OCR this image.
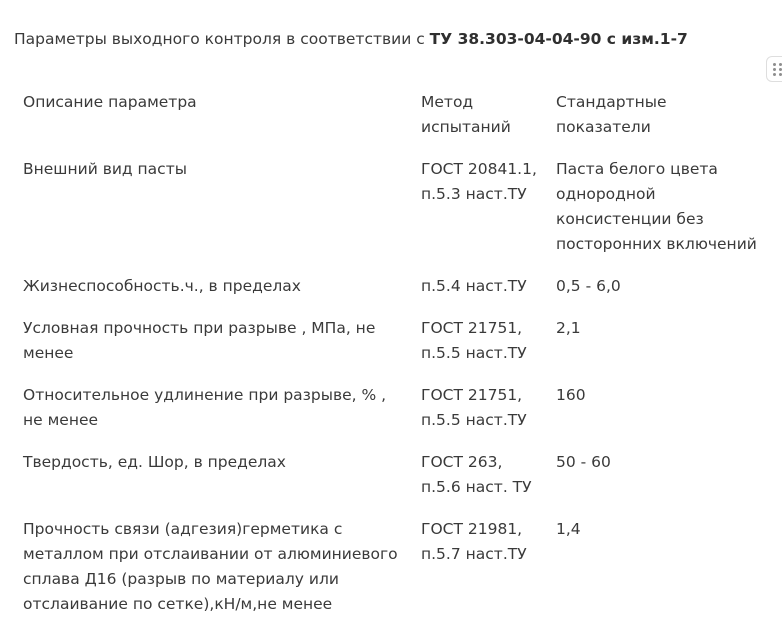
Параметры выходного контроля в соответствии с ТУ 38.303-04-04-90 с изм.1-7
Описание параметра	Метод испытаний	Стандартные показатели

Внешний вид пасты	ГОСТ 20841.1, п.5.3 наст.ТУ	Паста белого цвета однородной консистенции без посторонних включений

Жизнеспособность.ч., в пределах	п.5.4 наст.ТУ	0,5 - 6,0

Условная прочность при разрыве , МПа, не менее	ГОСТ 21751, п.5.5 наст.ТУ	2,1

Относительное удлинение при разрыве, % , не менее	ГОСТ 21751, п.5.5 наст.ТУ	160

Твердость, ед. Шор, в пределах	ГОСТ 263, п.5.6 наст. ТУ	50 - 60

Прочность связи (адгезия)герметика с металлом при отслаивании от алюминиевого сплава Д16 (разрыв по материалу или отслаивание по сетке),кН/м,не менее	ГОСТ 21981, п.5.7 наст.ТУ	1,4
